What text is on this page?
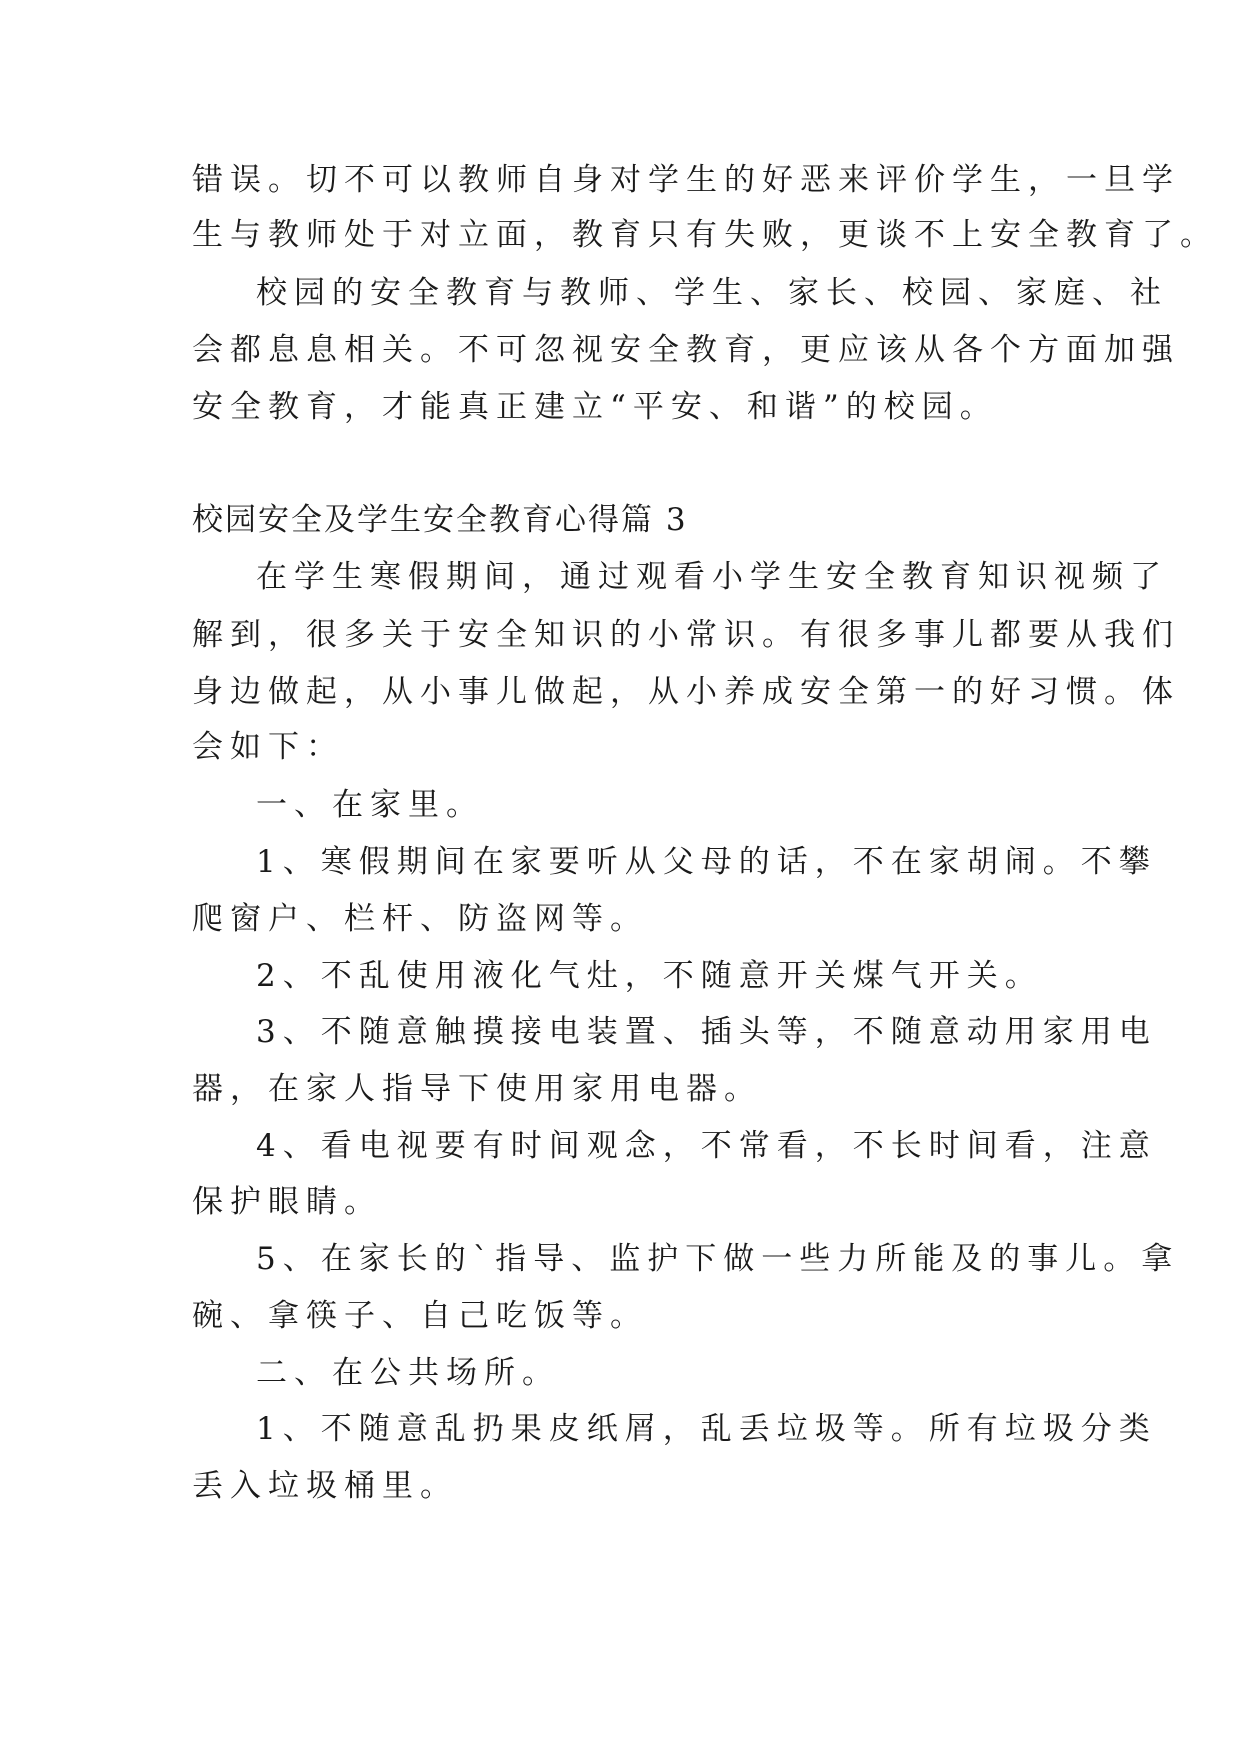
错误。切不可以教师自身对学生的好恶来评价学生，一旦学
生与教师处于对立面，教育只有失败，更谈不上安全教育了。
校园的安全教育与教师、学生、家长、校园、家庭、社
会都息息相关。不可忽视安全教育，更应该从各个方面加强
安全教育，才能真正建立“平安、和谐”的校园。
校园安全及学生安全教育心得篇 3
在学生寒假期间，通过观看小学生安全教育知识视频了
解到，很多关于安全知识的小常识。有很多事儿都要从我们
身边做起，从小事儿做起，从小养成安全第一的好习惯。体
会如下：
一、在家里。
1、寒假期间在家要听从父母的话，不在家胡闹。不攀
爬窗户、栏杆、防盗网等。
2、不乱使用液化气灶，不随意开关煤气开关。
3、不随意触摸接电装置、插头等，不随意动用家用电
器，在家人指导下使用家用电器。
4、看电视要有时间观念，不常看，不长时间看，注意
保护眼睛。
5、在家长的`指导、监护下做一些力所能及的事儿。拿
碗、拿筷子、自己吃饭等。
二、在公共场所。
1、不随意乱扔果皮纸屑，乱丢垃圾等。所有垃圾分类
丢入垃圾桶里。
